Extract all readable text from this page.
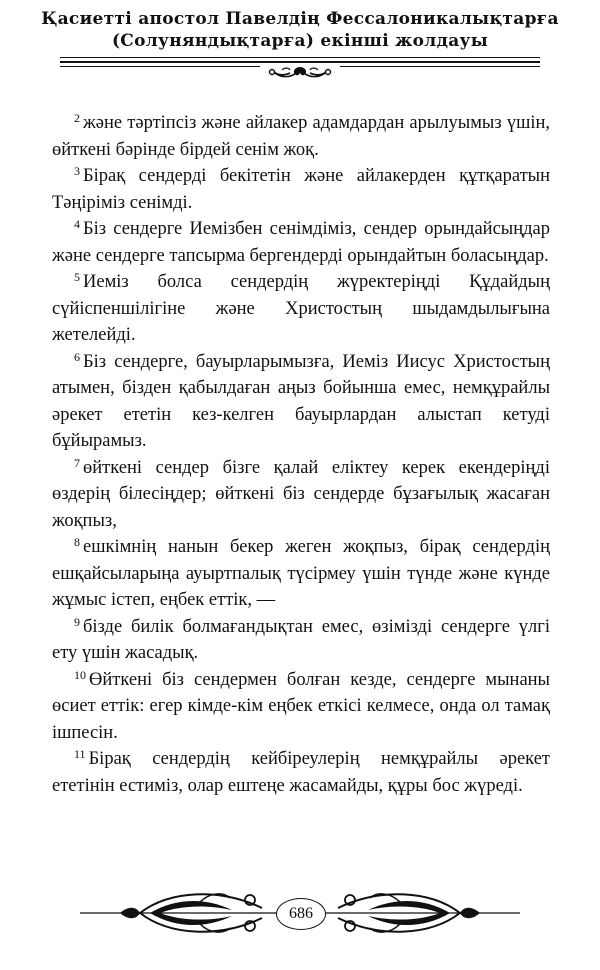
Қасиетті апостол Павелдің Фессалоникалықтарға
(Солуняндықтарға) екінші жолдауы

$^2$ және тәртіпсіз және айлакер адамдардан арылуымыз үшін, өйткені бәрінде бірдей сенім жоқ.

$^3$ Бірақ сендерді бекітетін және айлакерден құтқаратын Тәңіріміз сенімді.

$^4$ Біз сендерге Иемізбен сенімдіміз, сендер орындайсыңдар және сендерге тапсырма бергендерді орындайтын боласыңдар.

$^5$ Иеміз болса сендердің жүректеріңді Құдайдың сүйіспеншілігіне және Христостың шыдамдылығына жетелейді.

$^6$ Біз сендерге, бауырларымызға, Иеміз Иисус Христостың атымен, бізден қабылдаған аңыз бойынша емес, немқұрайлы әрекет ететін кез-келген бауырлардан алыстап кетуді бұйырамыз.

$^7$ өйткені сендер бізге қалай еліктеу керек екендеріңді өздерің білесіңдер; өйткені біз сендерде бұзағылық жасаған жоқпыз,

$^8$ ешкімнің нанын бекер жеген жоқпыз, бірақ сендердің ешқайсыларыңа ауыртпалық түсірмеу үшін түнде және күнде жұмыс істеп, еңбек еттік, —

$^9$ бізде билік болмағандықтан емес, өзімізді сендерге үлгі ету үшін жасадық.

$^{10}$ Өйткені біз сендермен болған кезде, сендерге мынаны өсиет еттік: егер кімде-кім еңбек еткісі келмесе, онда ол тамақ ішпесін.

$^{11}$ Бірақ сендердің кейбіреулерің немқұрайлы әрекет ететінін естиміз, олар ештеңе жасамайды, құры бос жүреді.

686
